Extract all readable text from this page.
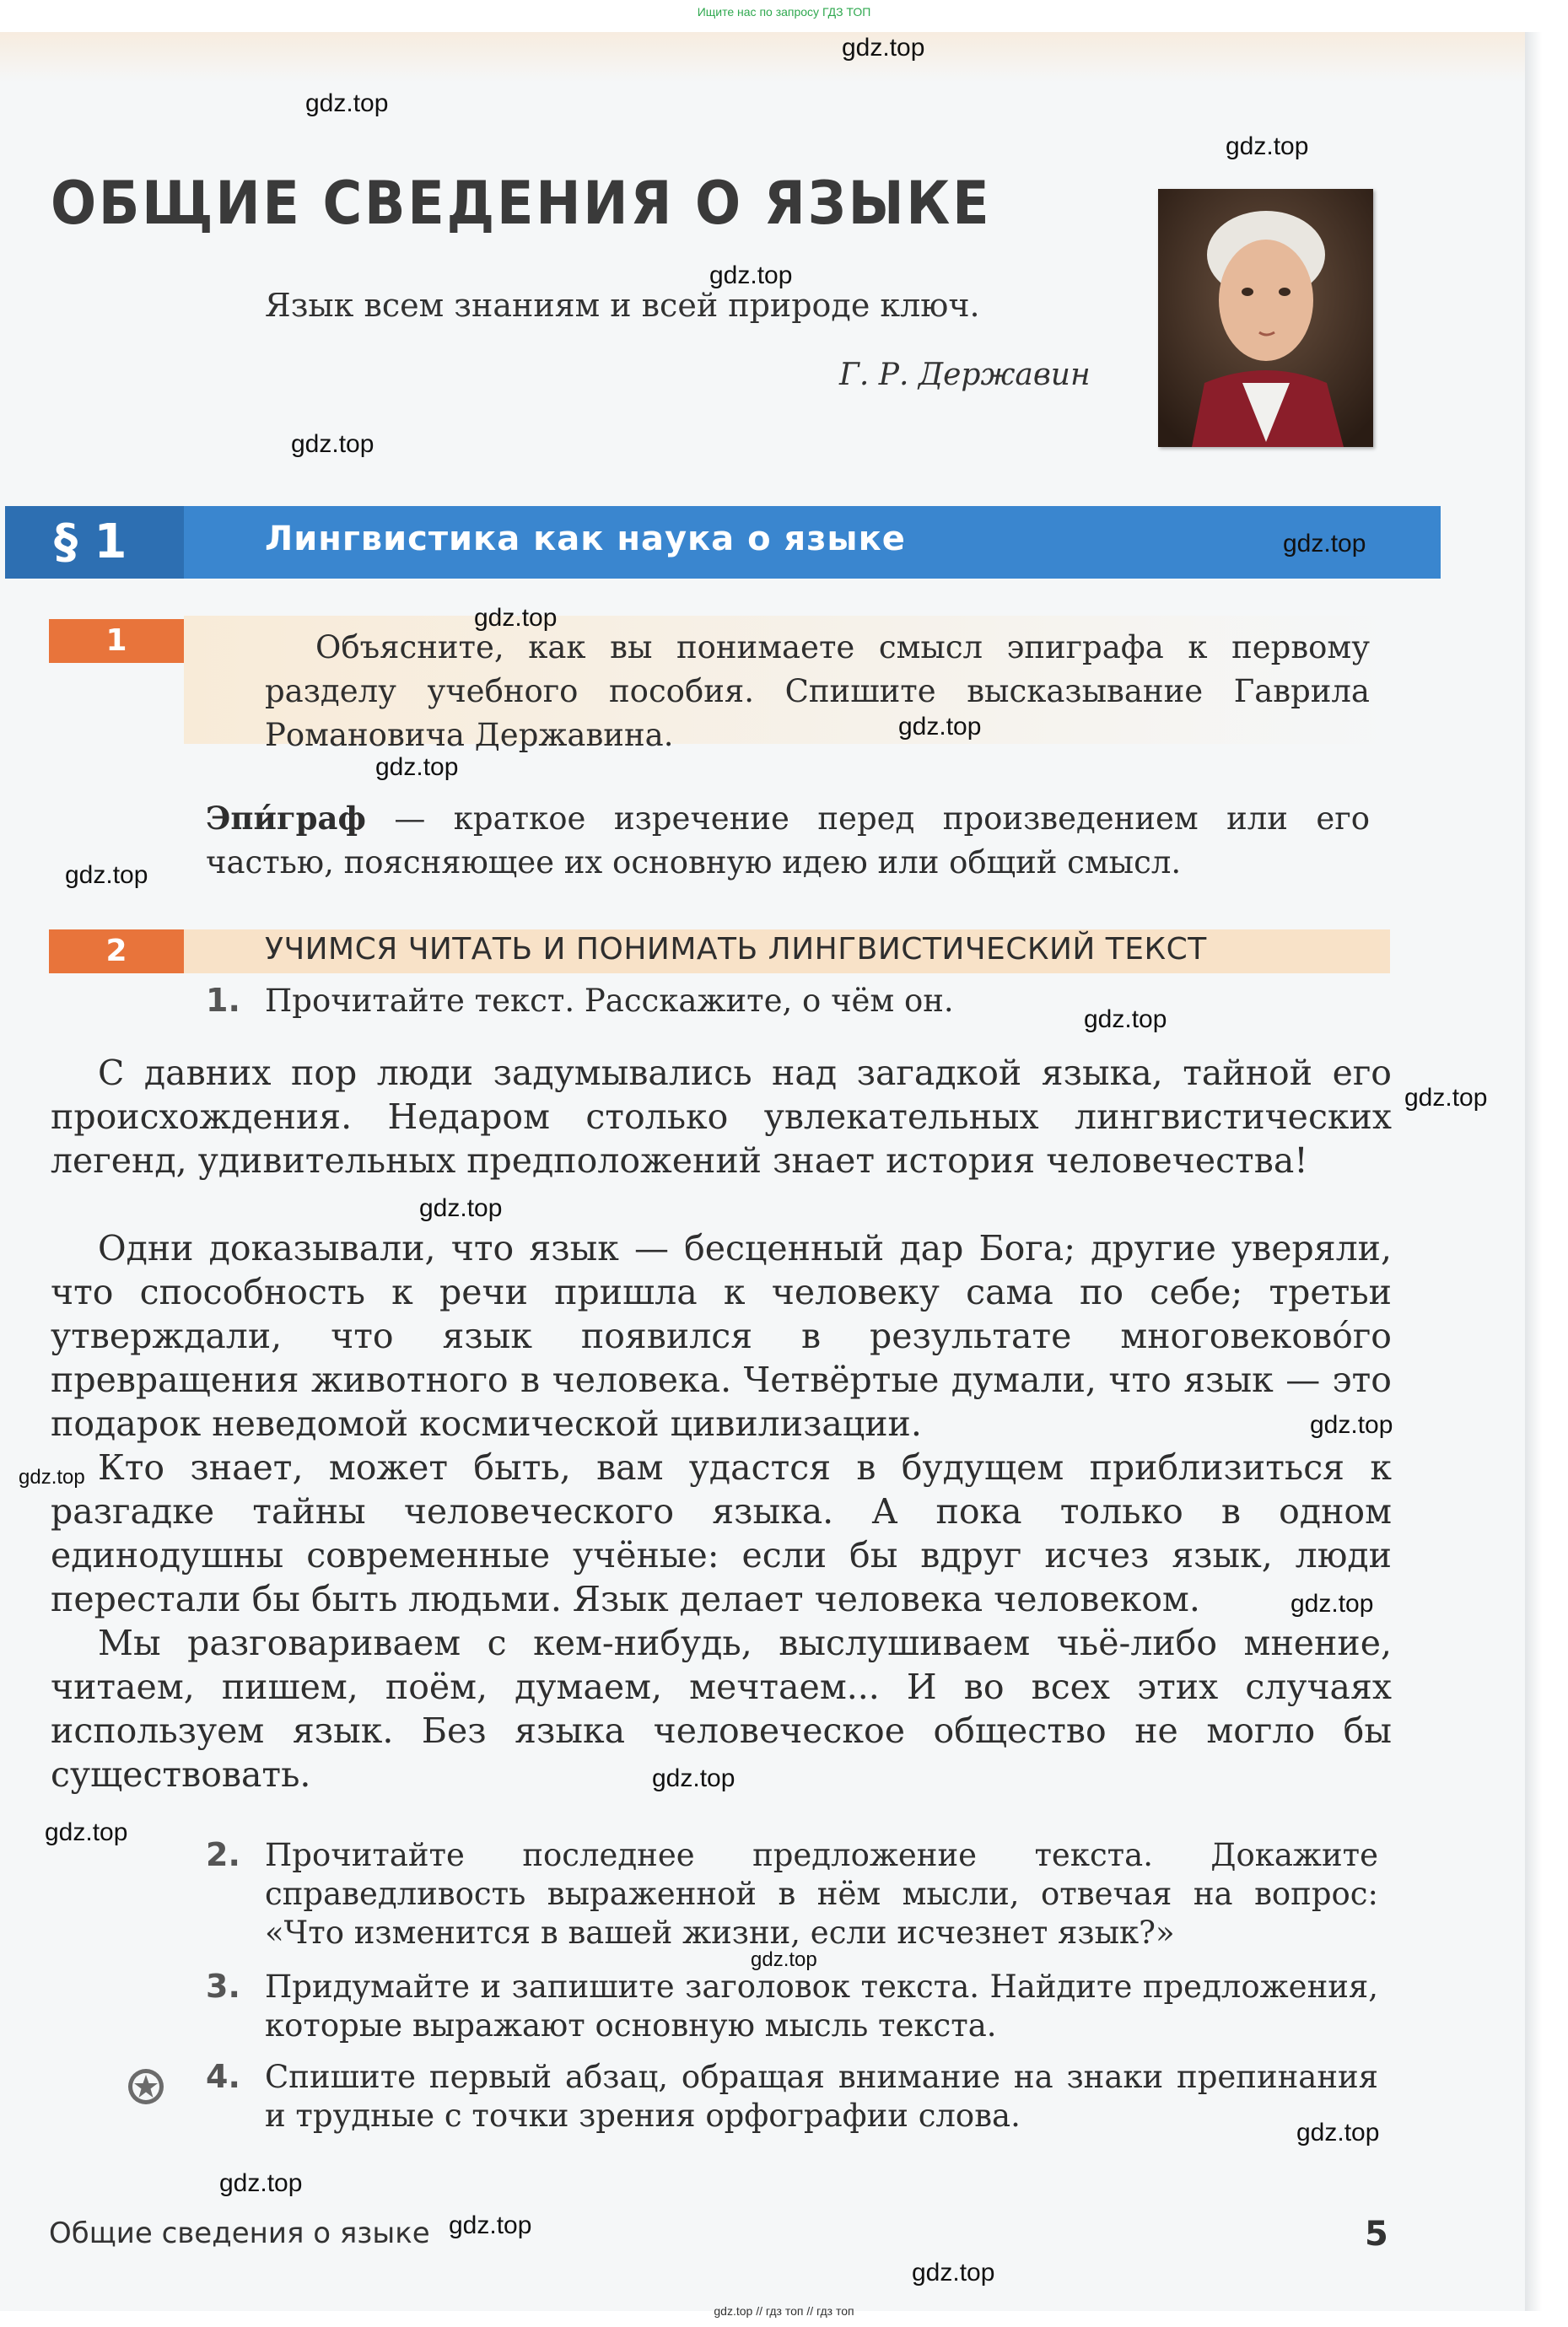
Ищите нас по запросу ГДЗ ТОП
ОБЩИЕ СВЕДЕНИЯ О ЯЗЫКЕ
Язык всем знаниям и всей природе ключ.
Г. Р. Державин
§ 1	Лингвистика как наука о языке
1	Объясните, как вы понимаете смысл эпиграфа к первому разделу учебного пособия. Спишите высказывание Гаврила Романовича Державина.
Эпи́граф — краткое изречение перед произведением или его частью, поясняющее их основную идею или общий смысл.
2	УЧИМСЯ ЧИТАТЬ И ПОНИМАТЬ ЛИНГВИСТИЧЕСКИЙ ТЕКСТ
1. Прочитайте текст. Расскажите, о чём он.
С давних пор люди задумывались над загадкой языка, тайной его происхождения. Недаром столько увлекательных лингвистических легенд, удивительных предположений знает история человечества!
Одни доказывали, что язык — бесценный дар Бога; другие уверяли, что способность к речи пришла к человеку сама по себе; третьи утверждали, что язык появился в результате многовеково́го превращения животного в человека. Четвёртые думали, что язык — это подарок неведомой космической цивилизации.
Кто знает, может быть, вам удастся в будущем приблизиться к разгадке тайны человеческого языка. А пока только в одном единодушны современные учёные: если бы вдруг исчез язык, люди перестали бы быть людьми. Язык делает человека человеком.
Мы разговариваем с кем-нибудь, выслушиваем чьё-либо мнение, читаем, пишем, поём, думаем, мечтаем... И во всех этих случаях используем язык. Без языка человеческое общество не могло бы существовать.
2. Прочитайте последнее предложение текста. Докажите справедливость выраженной в нём мысли, отвечая на вопрос: «Что изменится в вашей жизни, если исчезнет язык?»
3. Придумайте и запишите заголовок текста. Найдите предложения, которые выражают основную мысль текста.
4. Спишите первый абзац, обращая внимание на знаки препинания и трудные с точки зрения орфографии слова.
Общие сведения о языке	5
gdz.top
gdz.top
gdz.top
gdz.top
gdz.top
gdz.top
gdz.top
gdz.top
gdz.top
gdz.top
gdz.top
gdz.top
gdz.top
gdz.top
gdz.top
gdz.top
gdz.top
gdz.top
gdz.top
gdz.top
gdz.top
gdz.top
gdz.top
gdz.top // гдз топ // гдз топ
